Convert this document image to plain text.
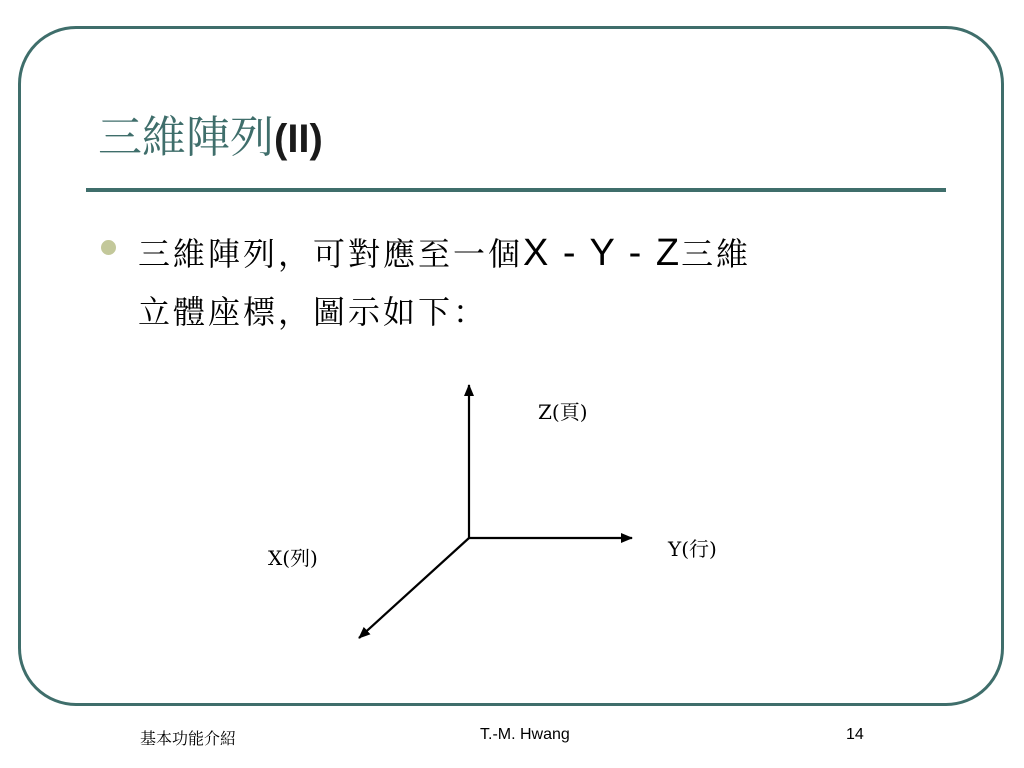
三維陣列(II)
三維陣列，可對應至一個X - Y - Z三維
立體座標，圖示如下：
Z(頁)
Y(行)
X(列)
基本功能介紹	T.-M. Hwang	14
